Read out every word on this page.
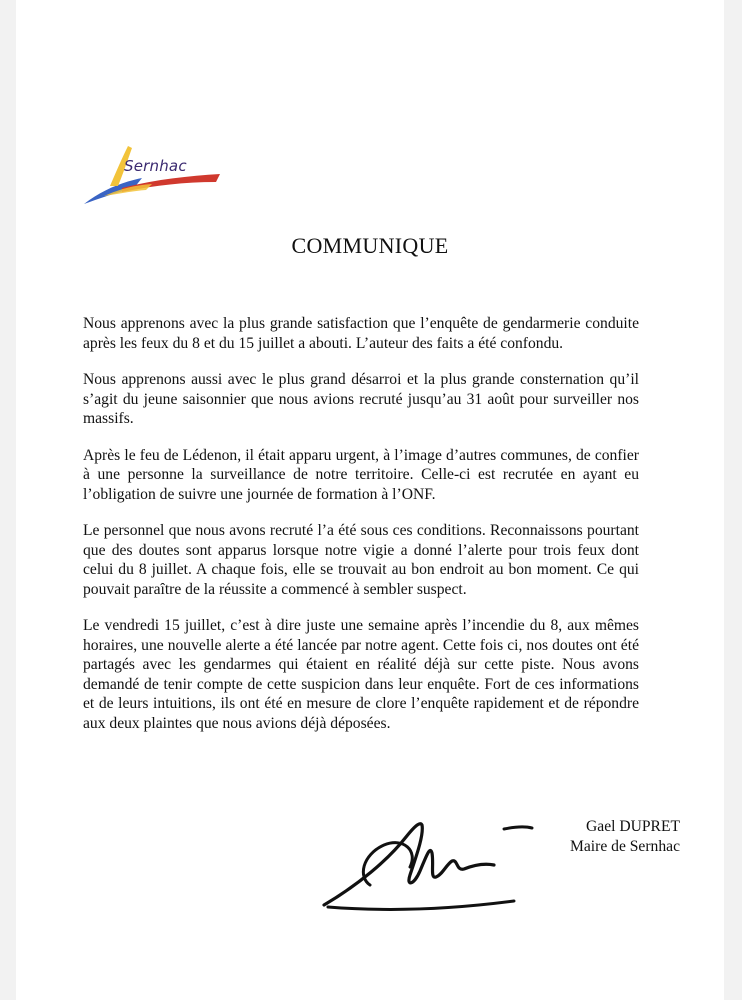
Sernhac
COMMUNIQUE

Nous apprenons avec la plus grande satisfaction que l’enquête de gendarmerie conduite après les feux du 8 et du 15 juillet a abouti. L’auteur des faits a été confondu.

Nous apprenons aussi avec le plus grand désarroi et la plus grande consternation qu’il s’agit du jeune saisonnier que nous avions recruté jusqu’au 31 août pour surveiller nos massifs.

Après le feu de Lédenon, il était apparu urgent, à l’image d’autres communes, de confier à une personne la surveillance de notre territoire. Celle-ci est recrutée en ayant eu l’obligation de suivre une journée de formation à l’ONF.

Le personnel que nous avons recruté l’a été sous ces conditions. Reconnaissons pourtant que des doutes sont apparus lorsque notre vigie a donné l’alerte pour trois feux dont celui du 8 juillet. A chaque fois, elle se trouvait au bon endroit au bon moment. Ce qui pouvait paraître de la réussite a commencé à sembler suspect.

Le vendredi 15 juillet, c’est à dire juste une semaine après l’incendie du 8, aux mêmes horaires, une nouvelle alerte a été lancée par notre agent. Cette fois ci, nos doutes ont été partagés avec les gendarmes qui étaient en réalité déjà sur cette piste. Nous avons demandé de tenir compte de cette suspicion dans leur enquête. Fort de ces informations et de leurs intuitions, ils ont été en mesure de clore l’enquête rapidement et de répondre aux deux plaintes que nous avions déjà déposées.

Gael DUPRET
Maire de Sernhac
